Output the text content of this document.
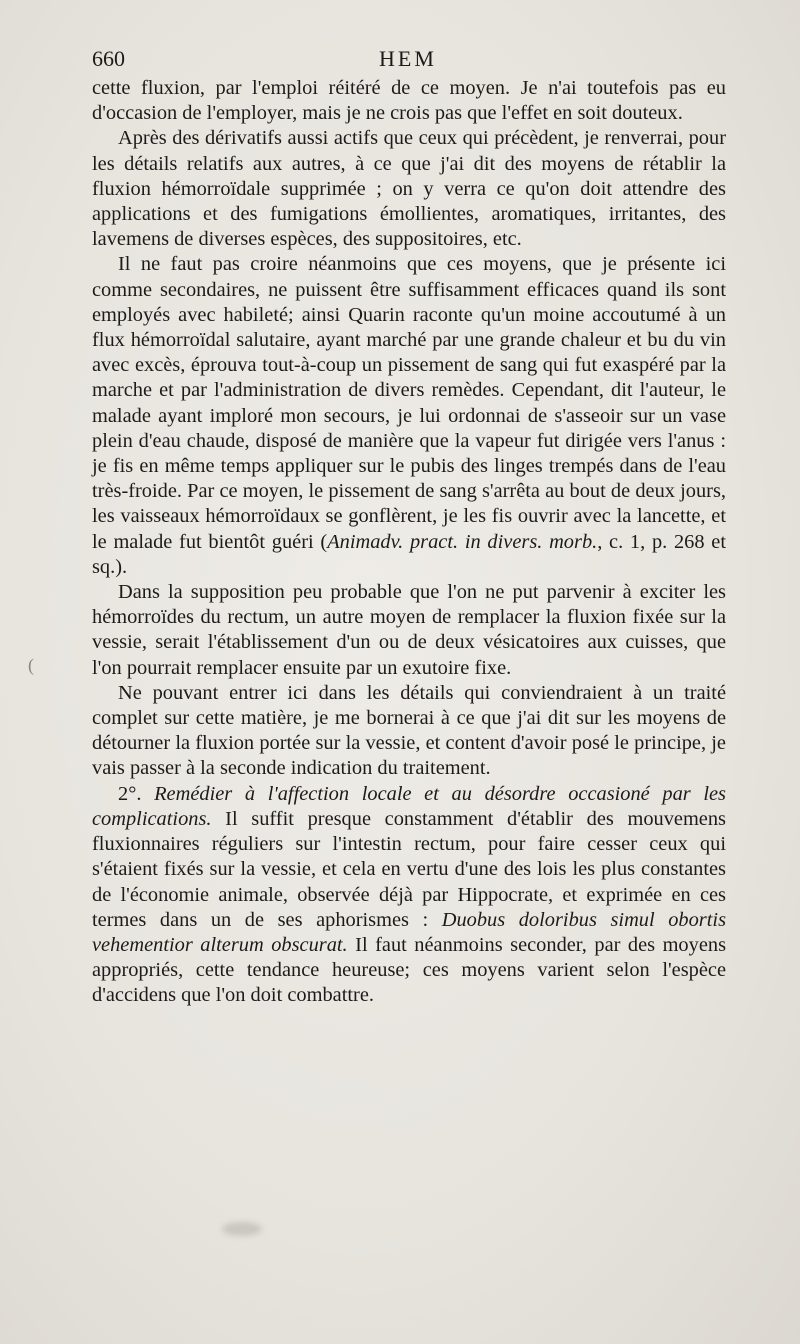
660	HEM

cette fluxion, par l'emploi réitéré de ce moyen. Je n'ai toutefois pas eu d'occasion de l'employer, mais je ne crois pas que l'effet en soit douteux.

Après des dérivatifs aussi actifs que ceux qui précèdent, je renverrai, pour les détails relatifs aux autres, à ce que j'ai dit des moyens de rétablir la fluxion hémorroïdale supprimée ; on y verra ce qu'on doit attendre des applications et des fumigations émollientes, aromatiques, irritantes, des lavemens de diverses espèces, des suppositoires, etc.

Il ne faut pas croire néanmoins que ces moyens, que je présente ici comme secondaires, ne puissent être suffisamment efficaces quand ils sont employés avec habileté; ainsi Quarin raconte qu'un moine accoutumé à un flux hémorroïdal salutaire, ayant marché par une grande chaleur et bu du vin avec excès, éprouva tout-à-coup un pissement de sang qui fut exaspéré par la marche et par l'administration de divers remèdes. Cependant, dit l'auteur, le malade ayant imploré mon secours, je lui ordonnai de s'asseoir sur un vase plein d'eau chaude, disposé de manière que la vapeur fut dirigée vers l'anus : je fis en même temps appliquer sur le pubis des linges trempés dans de l'eau très-froide. Par ce moyen, le pissement de sang s'arrêta au bout de deux jours, les vaisseaux hémorroïdaux se gonflèrent, je les fis ouvrir avec la lancette, et le malade fut bientôt guéri (Animadv. pract. in divers. morb., c. 1, p. 268 et sq.).

Dans la supposition peu probable que l'on ne put parvenir à exciter les hémorroïdes du rectum, un autre moyen de remplacer la fluxion fixée sur la vessie, serait l'établissement d'un ou de deux vésicatoires aux cuisses, que l'on pourrait remplacer ensuite par un exutoire fixe.

Ne pouvant entrer ici dans les détails qui conviendraient à un traité complet sur cette matière, je me bornerai à ce que j'ai dit sur les moyens de détourner la fluxion portée sur la vessie, et content d'avoir posé le principe, je vais passer à la seconde indication du traitement.

2°. Remédier à l'affection locale et au désordre occasioné par les complications. Il suffit presque constamment d'établir des mouvemens fluxionnaires réguliers sur l'intestin rectum, pour faire cesser ceux qui s'étaient fixés sur la vessie, et cela en vertu d'une des lois les plus constantes de l'économie animale, observée déjà par Hippocrate, et exprimée en ces termes dans un de ses aphorismes : Duobus doloribus simul obortis vehementior alterum obscurat. Il faut néanmoins seconder, par des moyens appropriés, cette tendance heureuse; ces moyens varient selon l'espèce d'accidens que l'on doit combattre.

(
